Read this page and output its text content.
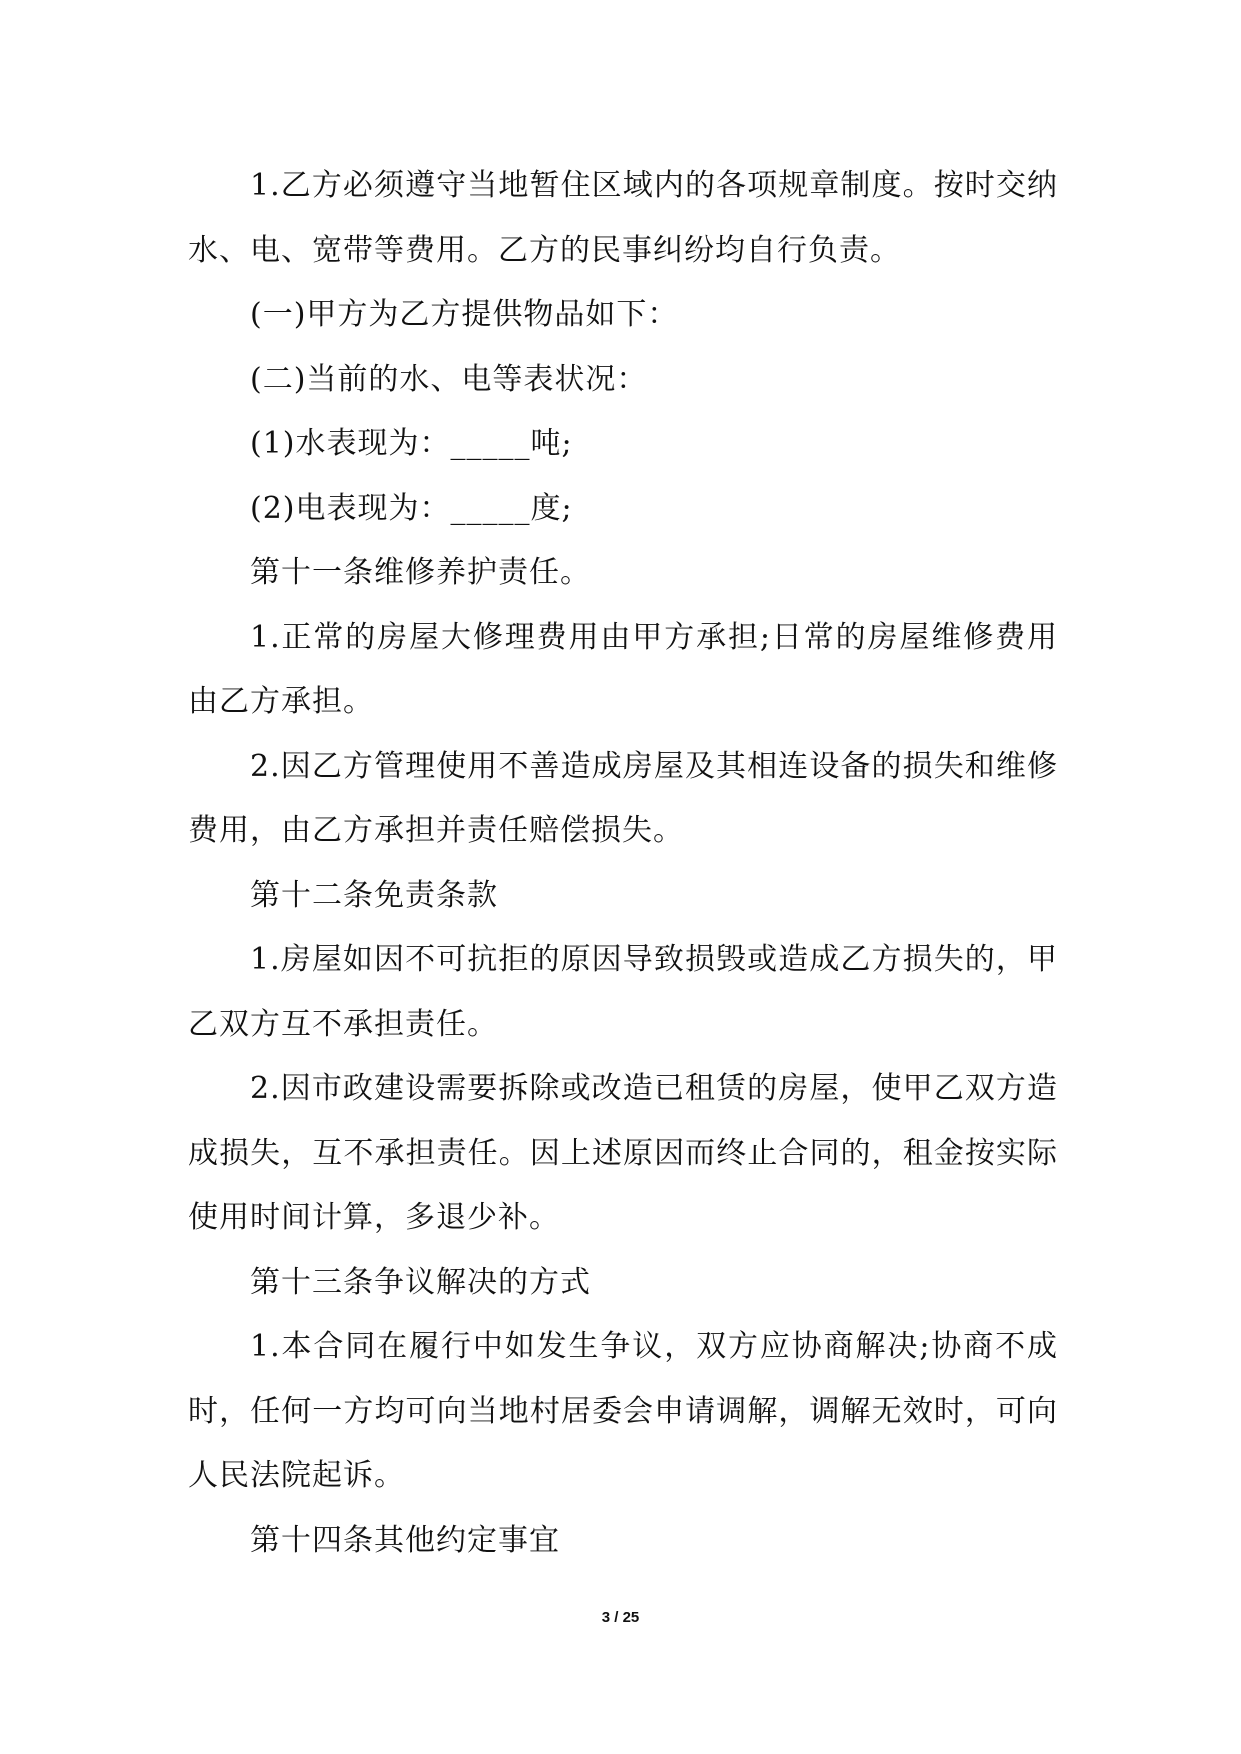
1.乙方必须遵守当地暂住区域内的各项规章制度。按时交纳水、电、宽带等费用。乙方的民事纠纷均自行负责。

(一)甲方为乙方提供物品如下：

(二)当前的水、电等表状况：

(1)水表现为：_____吨;

(2)电表现为：_____度;

第十一条维修养护责任。

1.正常的房屋大修理费用由甲方承担;日常的房屋维修费用由乙方承担。

2.因乙方管理使用不善造成房屋及其相连设备的损失和维修费用，由乙方承担并责任赔偿损失。

第十二条免责条款

1.房屋如因不可抗拒的原因导致损毁或造成乙方损失的，甲乙双方互不承担责任。

2.因市政建设需要拆除或改造已租赁的房屋，使甲乙双方造成损失，互不承担责任。因上述原因而终止合同的，租金按实际使用时间计算，多退少补。

第十三条争议解决的方式

1.本合同在履行中如发生争议，双方应协商解决;协商不成时，任何一方均可向当地村居委会申请调解，调解无效时，可向人民法院起诉。

第十四条其他约定事宜

3 / 25
